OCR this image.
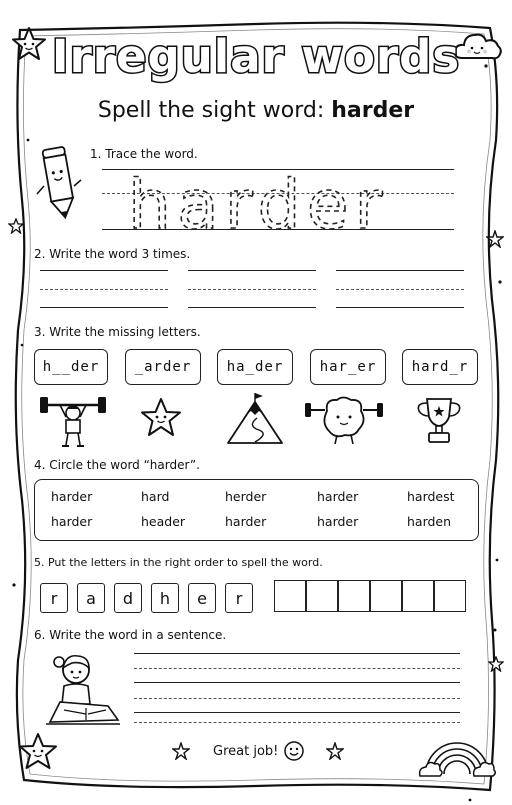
Irregular words
Spell the sight word: harder
1. Trace the word.
harder
2. Write the word 3 times.
3. Write the missing letters.
h__der	_arder	ha_der	har_er	hard_r
4. Circle the word “harder”.
harder	hard	herder	harder	hardest
harder	header	harder	harder	harden
5. Put the letters in the right order to spell the word.
r	a	d	h	e	r
6. Write the word in a sentence.
Great job!
